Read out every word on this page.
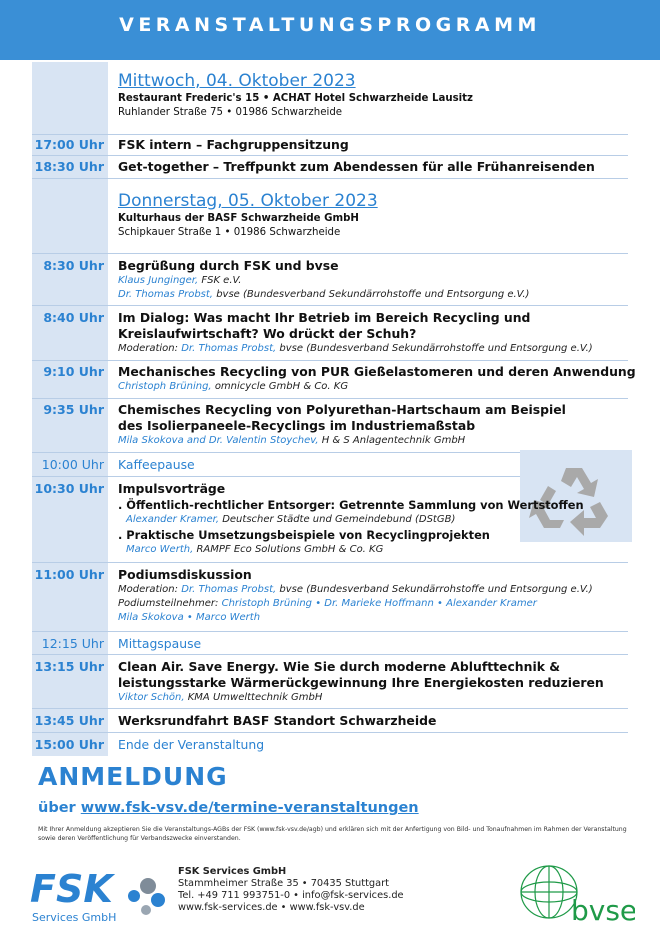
VERANSTALTUNGSPROGRAMM
Mittwoch, 04. Oktober 2023
Restaurant Frederic's 15 • ACHAT Hotel Schwarzheide Lausitz
Ruhlander Straße 75 • 01986 Schwarzheide
17:00 Uhr FSK intern – Fachgruppensitzung
18:30 Uhr Get-together – Treffpunkt zum Abendessen für alle Frühanreisenden
Donnerstag, 05. Oktober 2023
Kulturhaus der BASF Schwarzheide GmbH
Schipkauer Straße 1 • 01986 Schwarzheide
8:30 Uhr Begrüßung durch FSK und bvse
Klaus Junginger, FSK e.V.
Dr. Thomas Probst, bvse (Bundesverband Sekundärrohstoffe und Entsorgung e.V.)
8:40 Uhr Im Dialog: Was macht Ihr Betrieb im Bereich Recycling und
Kreislaufwirtschaft? Wo drückt der Schuh?
Moderation: Dr. Thomas Probst, bvse (Bundesverband Sekundärrohstoffe und Entsorgung e.V.)
9:10 Uhr Mechanisches Recycling von PUR Gießelastomeren und deren Anwendung
Christoph Brüning, omnicycle GmbH & Co. KG
9:35 Uhr Chemisches Recycling von Polyurethan-Hartschaum am Beispiel
des Isolierpaneele-Recyclings im Industriemaßstab
Mila Skokova and Dr. Valentin Stoychev, H & S Anlagentechnik GmbH
10:00 Uhr Kaffeepause
10:30 Uhr Impulsvorträge
. Öffentlich-rechtlicher Entsorger: Getrennte Sammlung von Wertstoffen
Alexander Kramer, Deutscher Städte und Gemeindebund (DStGB)
. Praktische Umsetzungsbeispiele von Recyclingprojekten
Marco Werth, RAMPF Eco Solutions GmbH & Co. KG
11:00 Uhr Podiumsdiskussion
Moderation: Dr. Thomas Probst, bvse (Bundesverband Sekundärrohstoffe und Entsorgung e.V.)
Podiumsteilnehmer: Christoph Brüning • Dr. Marieke Hoffmann • Alexander Kramer
Mila Skokova • Marco Werth
12:15 Uhr Mittagspause
13:15 Uhr Clean Air. Save Energy. Wie Sie durch moderne Ablufttechnik &
leistungsstarke Wärmerückgewinnung Ihre Energiekosten reduzieren
Viktor Schön, KMA Umwelttechnik GmbH
13:45 Uhr Werksrundfahrt BASF Standort Schwarzheide
15:00 Uhr Ende der Veranstaltung
ANMELDUNG
über www.fsk-vsv.de/termine-veranstaltungen
Mit Ihrer Anmeldung akzeptieren Sie die Veranstaltungs-AGBs der FSK (www.fsk-vsv.de/agb) und erklären sich mit der Anfertigung von Bild- und Tonaufnahmen im Rahmen der Veranstaltung sowie deren Veröffentlichung für Verbandszwecke einverstanden.
FSK
Services GmbH
FSK Services GmbH
Stammheimer Straße 35 • 70435 Stuttgart
Tel. +49 711 993751-0 • info@fsk-services.de
www.fsk-services.de • www.fsk-vsv.de	bvse
